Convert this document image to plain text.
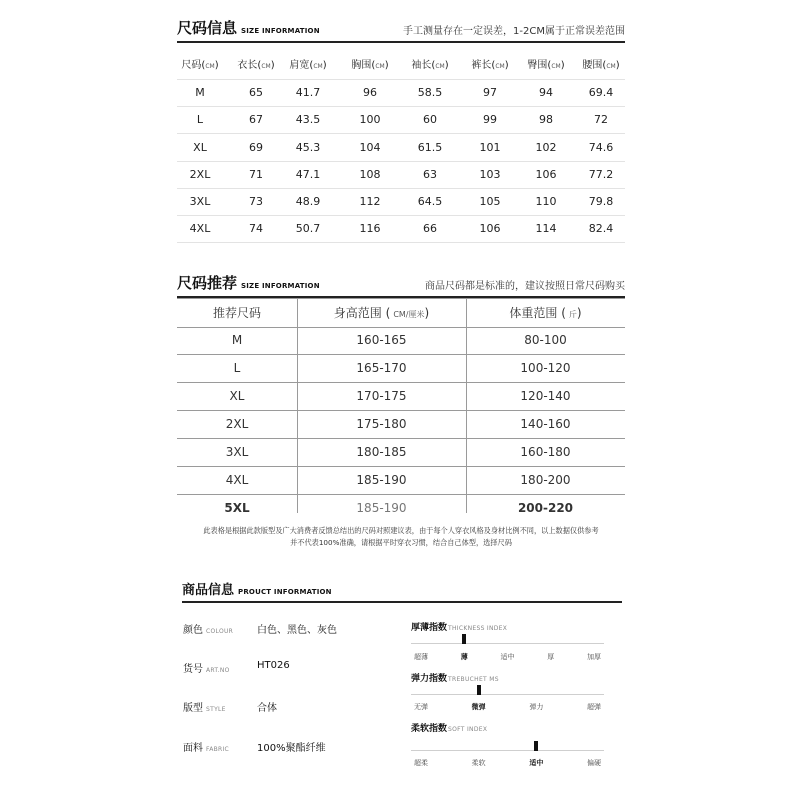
尺码信息 SIZE INFORMATION	手工测量存在一定误差，1-2CM属于正常误差范围
尺码(CM)	衣长(CM)	肩宽(CM)	胸围(CM)	袖长(CM)	裤长(CM)	臀围(CM)	腰围(CM)
M	65	41.7	96	58.5	97	94	69.4
L	67	43.5	100	60	99	98	72
XL	69	45.3	104	61.5	101	102	74.6
2XL	71	47.1	108	63	103	106	77.2
3XL	73	48.9	112	64.5	105	110	79.8
4XL	74	50.7	116	66	106	114	82.4
尺码推荐 SIZE INFORMATION	商品尺码都是标准的，建议按照日常尺码购买
推荐尺码	身高范围 ( CM/厘米)	体重范围 ( 斤)
M	160-165	80-100
L	165-170	100-120
XL	170-175	120-140
2XL	175-180	140-160
3XL	180-185	160-180
4XL	185-190	180-200
5XL	185-190	200-220
此表格是根据此款版型及广大消费者反馈总结出的尺码对照建议表，由于每个人穿衣风格及身材比例不同，以上数据仅供参考
并不代表100%准确，请根据平时穿衣习惯，结合自己体型，选择尺码
商品信息 PROUCT INFORMATION
颜色 COLOUR 白色、黑色、灰色
货号 ART.NO	HT026
版型 STYLE	合体
面料 FABRIC	100%聚酯纤维
厚薄指数THICKNESS INDEX
超薄	薄	适中	厚	加厚
弹力指数TREBUCHET MS
无弹	微弹	弹力	超弹
柔软指数SOFT INDEX
超柔	柔软	适中	偏硬
